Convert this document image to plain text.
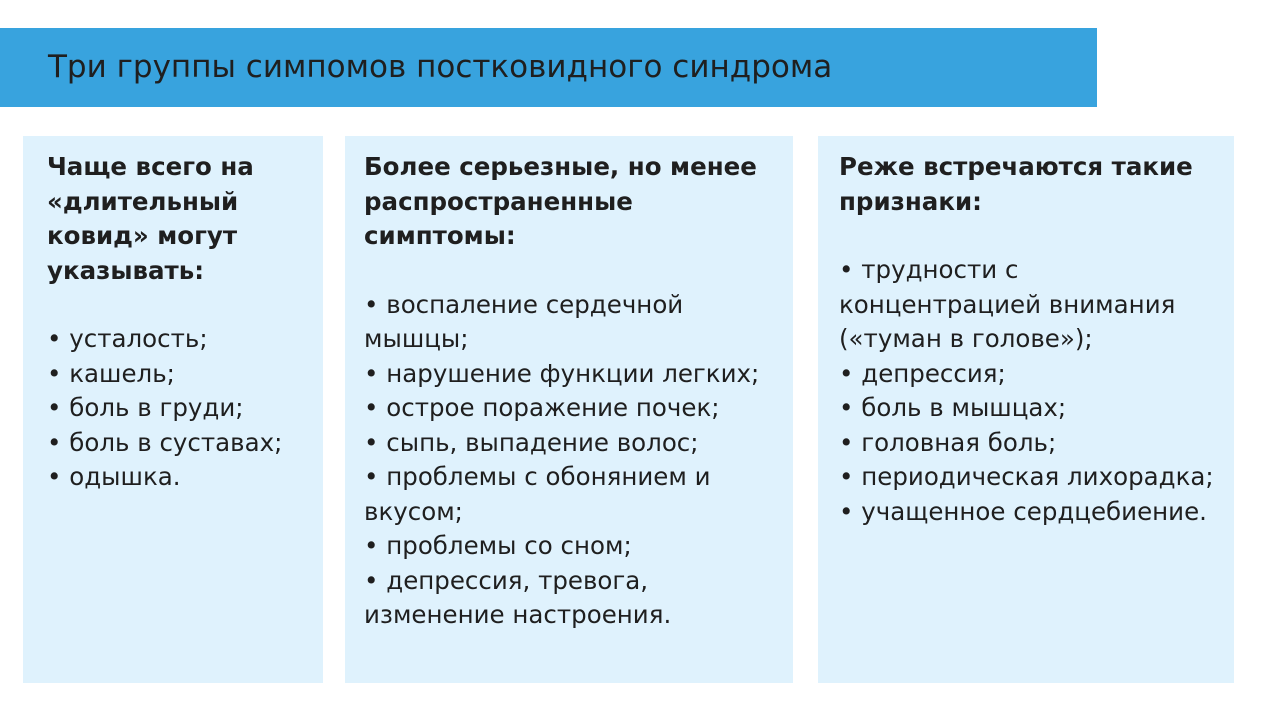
Три группы симпомов постковидного синдрома
Чаще всего на «длительный ковид» могут указывать:
• усталость;
• кашель;
• боль в груди;
• боль в суставах;
• одышка.
Более серьезные, но менее распространенные симптомы:
• воспаление сердечной мышцы;
• нарушение функции легких;
• острое поражение почек;
• сыпь, выпадение волос;
• проблемы с обонянием и вкусом;
• проблемы со сном;
• депрессия, тревога, изменение настроения.
Реже встречаются такие признаки:
• трудности с концентрацией внимания («туман в голове»);
• депрессия;
• боль в мышцах;
• головная боль;
• периодическая лихорадка;
• учащенное сердцебиение.
